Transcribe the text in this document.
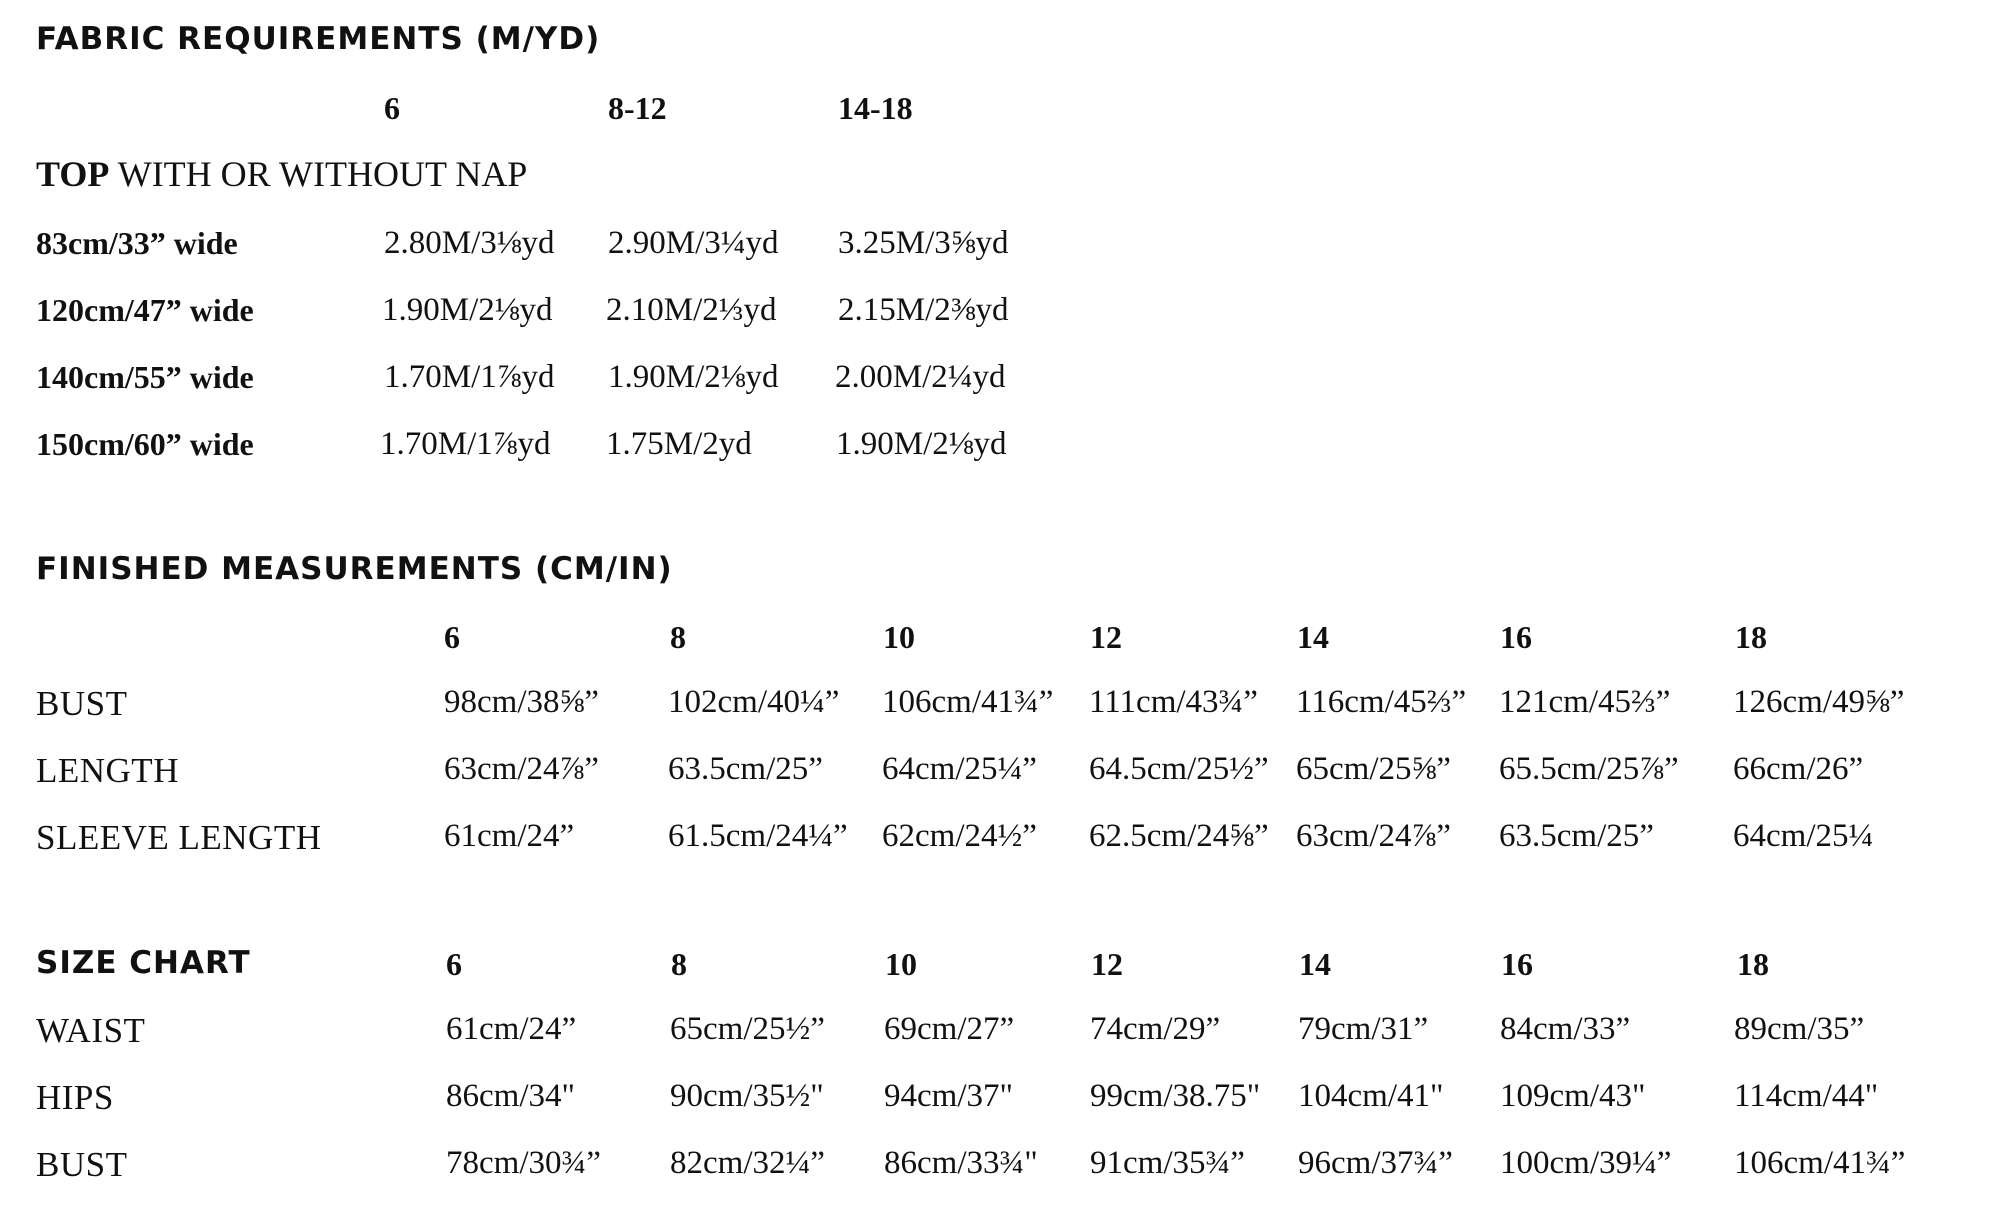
FABRIC REQUIREMENTS (M/YD)
6	8-12	14-18
TOP WITH OR WITHOUT NAP
83cm/33” wide	2.80M/3⅛yd 2.90M/3¼yd 3.25M/3⅝yd
120cm/47” wide	1.90M/2⅛yd 2.10M/2⅓yd 2.15M/2⅜yd
140cm/55” wide	1.70M/1⅞yd 1.90M/2⅛yd 2.00M/2¼yd
150cm/60” wide	1.70M/1⅞yd 1.75M/2yd	1.90M/2⅛yd
FINISHED MEASUREMENTS (CM/IN)
6	8	10	12	14	16	18
BUST	98cm/38⅝” 102cm/40¼” 106cm/41¾” 111cm/43¾” 116cm/45⅔” 121cm/45⅔” 126cm/49⅝”
LENGTH	63cm/24⅞” 63.5cm/25” 64cm/25¼” 64.5cm/25½” 65cm/25⅝” 65.5cm/25⅞” 66cm/26”
SLEEVE LENGTH	61cm/24”	61.5cm/24¼” 62cm/24½” 62.5cm/24⅝” 63cm/24⅞” 63.5cm/25” 64cm/25¼
SIZE CHART	6	8	10	12	14	16	18
WAIST	61cm/24”	65cm/25½” 69cm/27” 74cm/29” 79cm/31” 84cm/33”	89cm/35”
HIPS	86cm/34"	90cm/35½" 94cm/37" 99cm/38.75" 104cm/41" 109cm/43"	114cm/44"
BUST	78cm/30¾” 82cm/32¼” 86cm/33¾" 91cm/35¾” 96cm/37¾” 100cm/39¼” 106cm/41¾”
